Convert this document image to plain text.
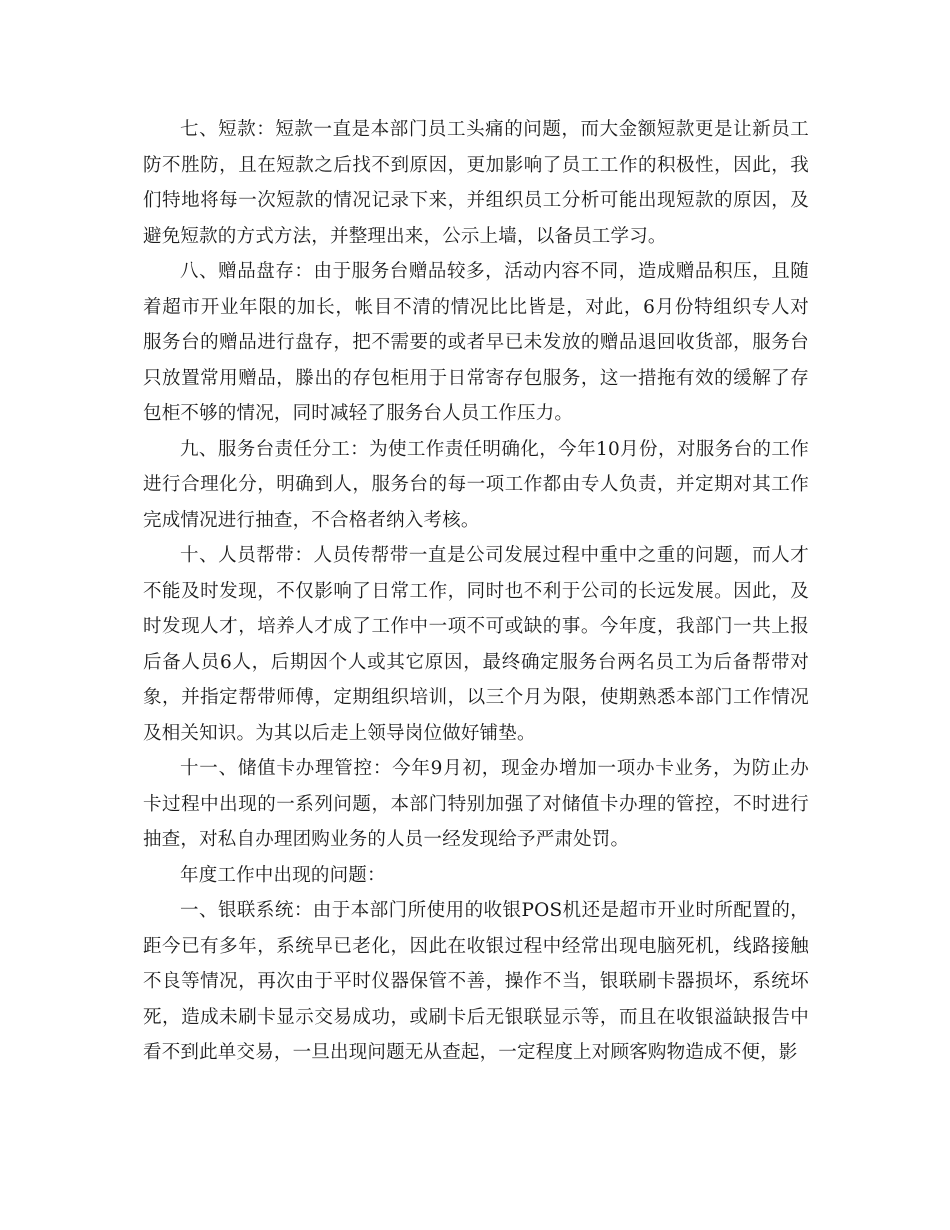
七、短款：短款一直是本部门员工头痛的问题，而大金额短款更是让新员工防不胜防，且在短款之后找不到原因，更加影响了员工工作的积极性，因此，我们特地将每一次短款的情况记录下来，并组织员工分析可能出现短款的原因，及避免短款的方式方法，并整理出来，公示上墙，以备员工学习。

八、赠品盘存：由于服务台赠品较多，活动内容不同，造成赠品积压，且随着超市开业年限的加长，帐目不清的情况比比皆是，对此，6月份特组织专人对服务台的赠品进行盘存，把不需要的或者早已未发放的赠品退回收货部，服务台只放置常用赠品，滕出的存包柜用于日常寄存包服务，这一措拖有效的缓解了存包柜不够的情况，同时减轻了服务台人员工作压力。

九、服务台责任分工：为使工作责任明确化，今年10月份，对服务台的工作进行合理化分，明确到人，服务台的每一项工作都由专人负责，并定期对其工作完成情况进行抽查，不合格者纳入考核。

十、人员帮带：人员传帮带一直是公司发展过程中重中之重的问题，而人才不能及时发现，不仅影响了日常工作，同时也不利于公司的长远发展。因此，及时发现人才，培养人才成了工作中一项不可或缺的事。今年度，我部门一共上报后备人员6人，后期因个人或其它原因，最终确定服务台两名员工为后备帮带对象，并指定帮带师傅，定期组织培训，以三个月为限，使期熟悉本部门工作情况及相关知识。为其以后走上领导岗位做好铺垫。

十一、储值卡办理管控：今年9月初，现金办增加一项办卡业务，为防止办卡过程中出现的一系列问题，本部门特别加强了对储值卡办理的管控，不时进行抽查，对私自办理团购业务的人员一经发现给予严肃处罚。

年度工作中出现的问题：

一、银联系统：由于本部门所使用的收银POS机还是超市开业时所配置的，距今已有多年，系统早已老化，因此在收银过程中经常出现电脑死机，线路接触不良等情况，再次由于平时仪器保管不善，操作不当，银联刷卡器损坏，系统坏死，造成未刷卡显示交易成功，或刷卡后无银联显示等，而且在收银溢缺报告中看不到此单交易，一旦出现问题无从查起，一定程度上对顾客购物造成不便，影
